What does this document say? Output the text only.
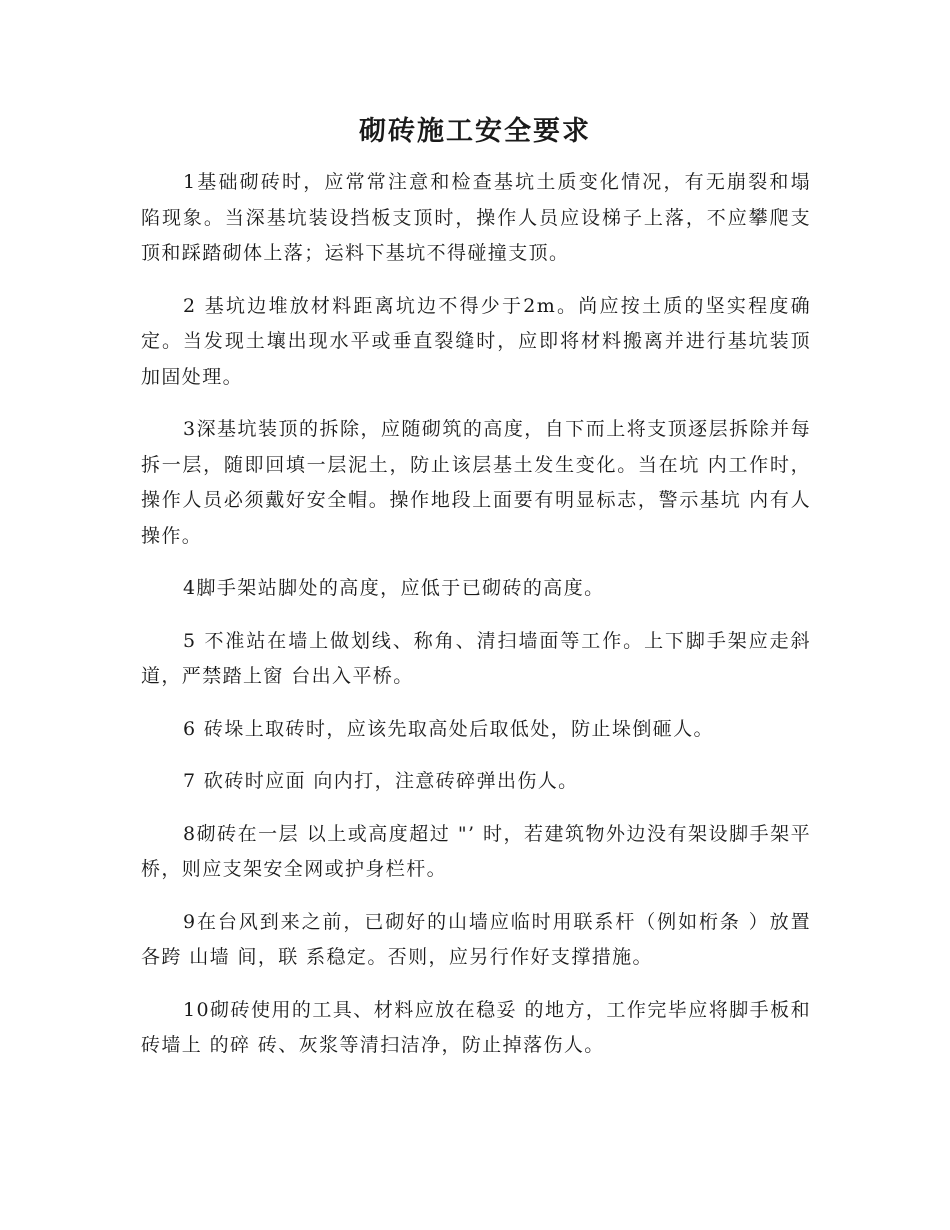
砌砖施工安全要求

1基础砌砖时，应常常注意和检查基坑土质变化情况，有无崩裂和塌 陷现象。当深基坑装设挡板支顶时，操作人员应设梯子上落，不应攀爬支顶和踩踏砌体上落；运料下基坑不得碰撞支顶。

2 基坑边堆放材料距离坑边不得少于2m。尚应按土质的坚实程度确定。当发现土壤出现水平或垂直裂缝时，应即将材料搬离并进行基坑装顶加固处理。

3深基坑装顶的拆除，应随砌筑的高度，自下而上将支顶逐层拆除并每拆一层，随即回填一层泥土，防止该层基土发生变化。当在坑 内工作时，操作人员必须戴好安全帽。操作地段上面要有明显标志，警示基坑 内有人操作。

4脚手架站脚处的高度，应低于已砌砖的高度。

5 不准站在墙上做划线、称角、清扫墙面等工作。上下脚手架应走斜道，严禁踏上窗 台出入平桥。

6 砖垛上取砖时，应该先取高处后取低处，防止垛倒砸人。

7 砍砖时应面 向内打，注意砖碎弹出伤人。

8砌砖在一层 以上或高度超过 "’ 时，若建筑物外边没有架设脚手架平桥，则应支架安全网或护身栏杆。

9在台风到来之前，已砌好的山墙应临时用联系杆（例如桁条 ）放置各跨 山墙 间，联 系稳定。否则，应另行作好支撑措施。

10砌砖使用的工具、材料应放在稳妥 的地方，工作完毕应将脚手板和砖墙上 的碎 砖、灰浆等清扫洁净，防止掉落伤人。
